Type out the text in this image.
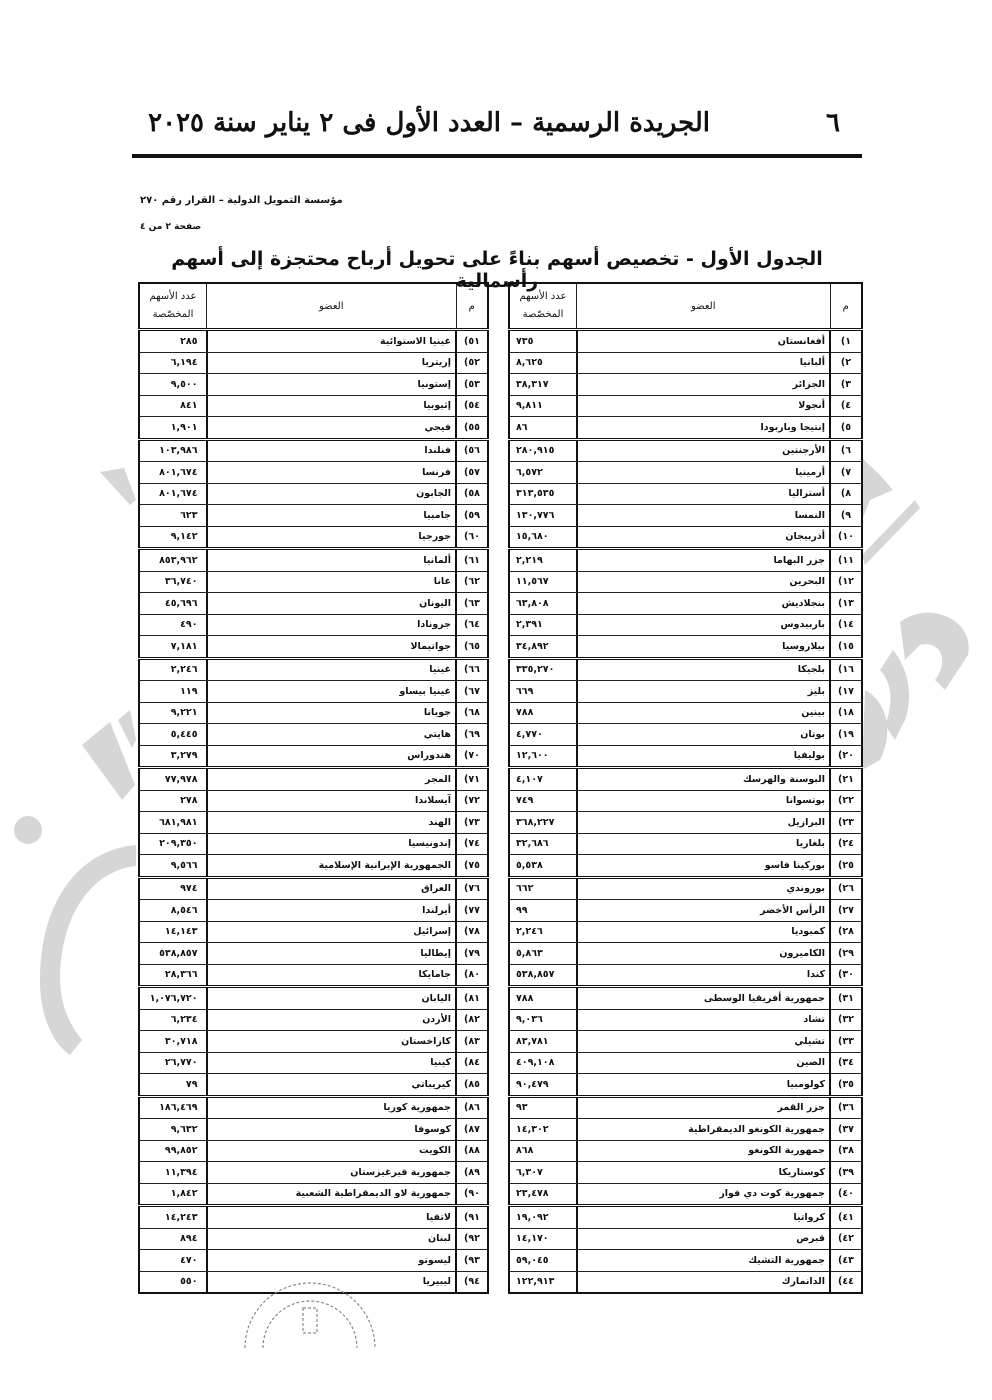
٦
الجريدة الرسمية – العدد الأول فى ٢ يناير سنة ٢٠٢٥
مؤسسة التمويل الدولية – القرار رقم ٢٧٠
صفحة ٢ من ٤
الجدول الأول - تخصيص أسهم بناءً على تحويل أرباح محتجزة إلى أسهم رأسمالية
م	العضو	عدد الأسهم
المخصّصة

١)	أفغانستان	٧٣٥
٢)	ألبانيا	٨,٦٢٥
٣)	الجزائر	٣٨,٣١٧
٤)	أنجولا	٩,٨١١
٥)	إنتيجا وباربودا	٨٦
٦)	الأرجنتين	٢٨٠,٩١٥
٧)	أرمينيا	٦,٥٧٢
٨)	أستراليا	٣١٣,٥٣٥
٩)	النمسا	١٣٠,٧٧٦
١٠)	أذربيجان	١٥,٦٨٠
١١)	جزر البهاما	٢,٢١٩
١٢)	البحرين	١١,٥٦٧
١٣)	بنجلاديش	٦٣,٨٠٨
١٤)	باربيدوس	٢,٣٩١
١٥)	بيلاروسيا	٣٤,٨٩٢
١٦)	بلجيكا	٣٣٥,٢٧٠
١٧)	بليز	٦٦٩
١٨)	بينين	٧٨٨
١٩)	بوتان	٤,٧٧٠
٢٠)	بوليفيا	١٢,٦٠٠
٢١)	البوسنة والهرسك	٤,١٠٧
٢٢)	بوتسوانا	٧٤٩
٢٣)	البرازيل	٣٦٨,٢٢٧
٢٤)	بلغاريا	٣٢,٦٨٦
٢٥)	بوركينا فاسو	٥,٥٣٨
٢٦)	بوروندي	٦٦٢
٢٧)	الرأس الأخضر	٩٩
٢٨)	كمبوديا	٢,٢٤٦
٢٩)	الكاميرون	٥,٨٦٣
٣٠)	كندا	٥٣٨,٨٥٧
٣١)	جمهورية أفريقيا الوسطى	٧٨٨
٣٢)	تشاد	٩,٠٣٦
٣٣)	تشيلي	٨٣,٧٨١
٣٤)	الصين	٤٠٩,١٠٨
٣٥)	كولومبيا	٩٠,٤٧٩
٣٦)	جزر القمر	٩٣
٣٧)	جمهورية الكونغو الديمقراطية	١٤,٣٠٢
٣٨)	جمهورية الكونغو	٨٦٨
٣٩)	كوستاريكا	٦,٣٠٧
٤٠)	جمهورية كوت دي فوار	٢٣,٤٧٨
٤١)	كرواتيا	١٩,٠٩٢
٤٢)	قبرص	١٤,١٧٠
٤٣)	جمهورية التشيك	٥٩,٠٤٥
٤٤)	الدانمارك	١٢٢,٩١٣
م	العضو	عدد الأسهم
المخصّصة

٥١)	غينيا الاستوائية	٢٨٥
٥٢)	إريتريا	٦,١٩٤
٥٣)	إستونيا	٩,٥٠٠
٥٤)	إثيوبيا	٨٤١
٥٥)	فيجي	١,٩٠١
٥٦)	فنلندا	١٠٣,٩٨٦
٥٧)	فرنسا	٨٠١,٦٧٤
٥٨)	الجابون	٨٠١,٦٧٤
٥٩)	جامبيا	٦٢٣
٦٠)	جورجيا	٩,١٤٢
٦١)	ألمانيا	٨٥٣,٩٦٢
٦٢)	غانا	٣٦,٧٤٠
٦٣)	اليونان	٤٥,٦٩٦
٦٤)	جرونادا	٤٩٠
٦٥)	جواتيمالا	٧,١٨١
٦٦)	غينيا	٢,٢٤٦
٦٧)	غينيا بيساو	١١٩
٦٨)	جويانا	٩,٢٢١
٦٩)	هايتي	٥,٤٤٥
٧٠)	هندوراس	٣,٢٧٩
٧١)	المجر	٧٧,٩٧٨
٧٢)	آيسلاندا	٢٧٨
٧٣)	الهند	٦٨١,٩٨١
٧٤)	إندونيسيا	٢٠٩,٣٥٠
٧٥)	الجمهورية الإيرانية الإسلامية	٩,٥٦٦
٧٦)	العراق	٩٧٤
٧٧)	أيرلندا	٨,٥٤٦
٧٨)	إسرائيل	١٤,١٤٣
٧٩)	إيطاليا	٥٣٨,٨٥٧
٨٠)	جامايكا	٢٨,٣٦٦
٨١)	اليابان	١,٠٧٦,٧٢٠
٨٢)	الأردن	٦,٢٣٤
٨٣)	كازاخستان	٣٠,٧١٨
٨٤)	كينيا	٢٦,٧٧٠
٨٥)	كيريباتي	٧٩
٨٦)	جمهورية كوريا	١٨٦,٤٦٩
٨٧)	كوسوفا	٩,٦٣٢
٨٨)	الكويت	٩٩,٨٥٢
٨٩)	جمهورية قيرغيزستان	١١,٣٩٤
٩٠)	جمهورية لاو الديمقراطية الشعبية	١,٨٤٢
٩١)	لاتفيا	١٤,٢٤٣
٩٢)	لبنان	٨٩٤
٩٣)	ليسوتو	٤٧٠
٩٤)	ليبيريا	٥٥٠
